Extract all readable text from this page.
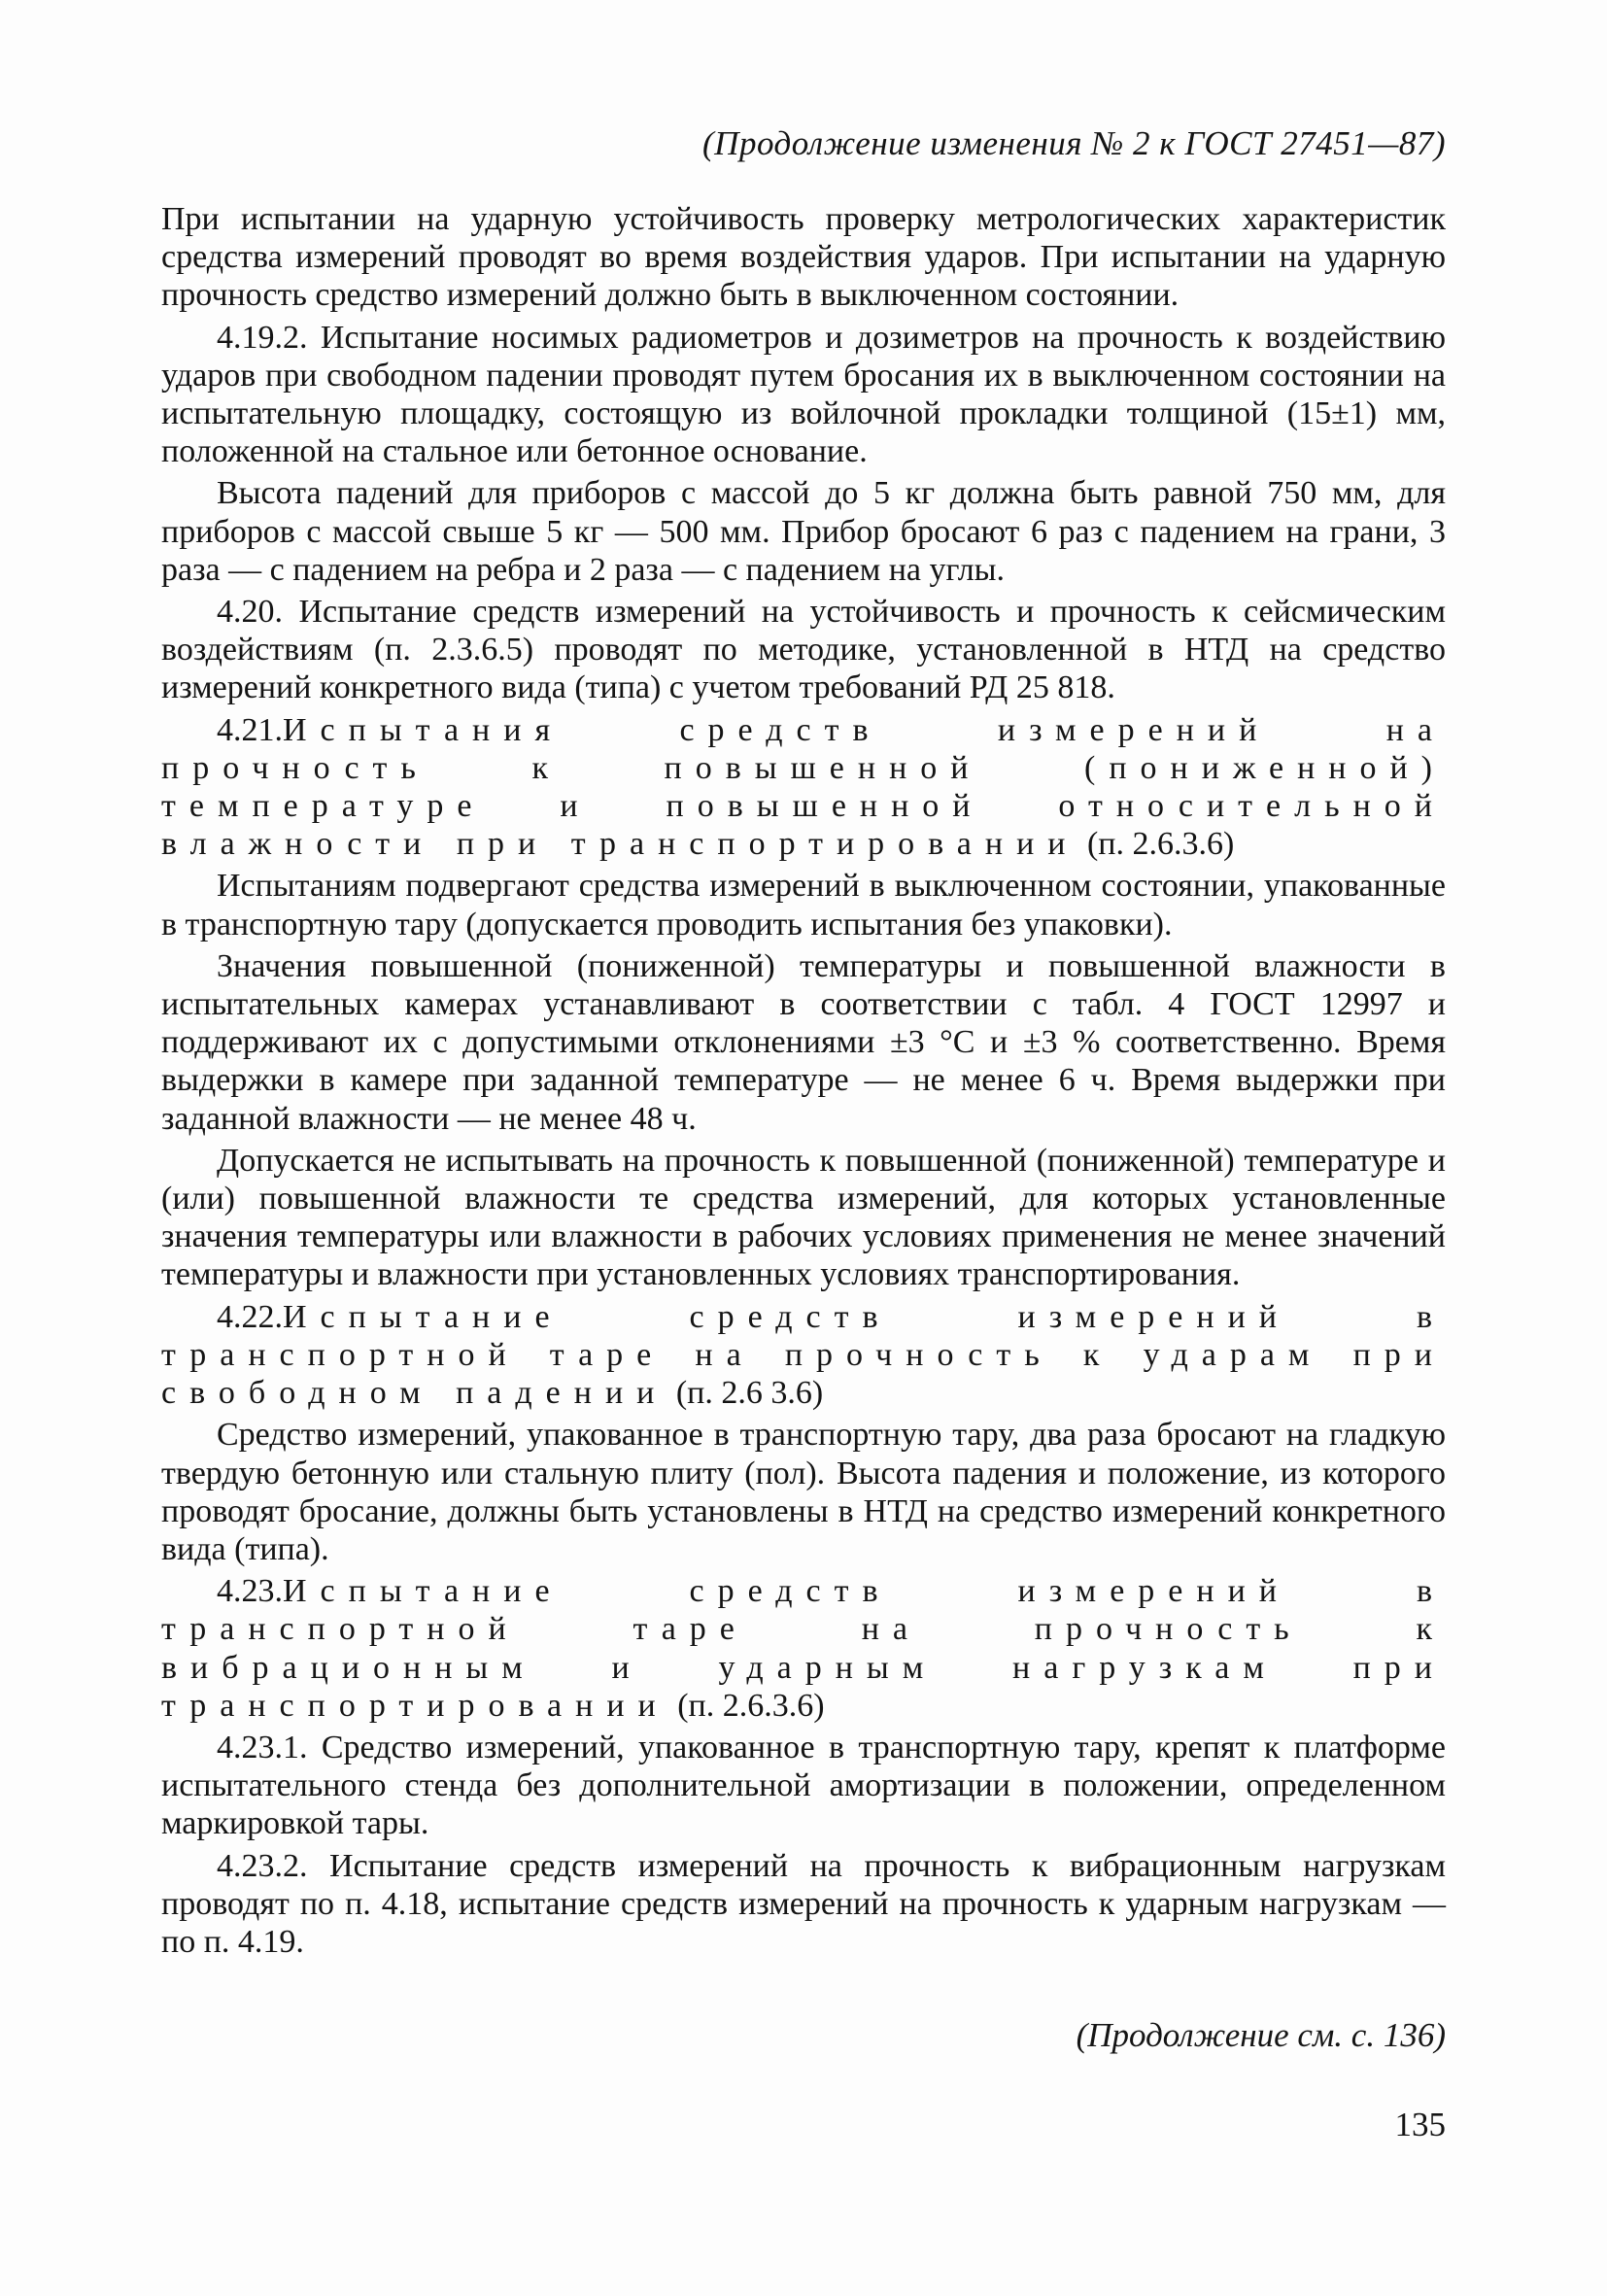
(Продолжение изменения № 2 к ГОСТ 27451—87)

При испытании на ударную устойчивость проверку метрологических характеристик средства измерений проводят во время воздействия ударов. При испытании на ударную прочность средство измерений должно быть в выключенном состоянии.

4.19.2. Испытание носимых радиометров и дозиметров на прочность к воздействию ударов при свободном падении проводят путем бросания их в выключенном состоянии на испытательную площадку, состоящую из войлочной прокладки толщиной (15±1) мм, положенной на стальное или бетонное основание.

Высота падений для приборов с массой до 5 кг должна быть равной 750 мм, для приборов с массой свыше 5 кг — 500 мм. Прибор бросают 6 раз с падением на грани, 3 раза — с падением на ребра и 2 раза — с падением на углы.

4.20. Испытание средств измерений на устойчивость и прочность к сейсмическим воздействиям (п. 2.3.6.5) проводят по методике, установленной в НТД на средство измерений конкретного вида (типа) с учетом требований РД 25 818.

4.21.Испытания средств измерений на прочность к повышенной (пониженной) температуре и повышенной относительной влажности при транспортировании (п. 2.6.3.6)

Испытаниям подвергают средства измерений в выключенном состоянии, упакованные в транспортную тару (допускается проводить испытания без упаковки).

Значения повышенной (пониженной) температуры и повышенной влажности в испытательных камерах устанавливают в соответствии с табл. 4 ГОСТ 12997 и поддерживают их с допустимыми отклонениями ±3 °С и ±3 % соответственно. Время выдержки в камере при заданной температуре — не менее 6 ч. Время выдержки при заданной влажности — не менее 48 ч.

Допускается не испытывать на прочность к повышенной (пониженной) температуре и (или) повышенной влажности те средства измерений, для которых установленные значения температуры или влажности в рабочих условиях применения не менее значений температуры и влажности при установленных условиях транспортирования.

4.22.Испытание средств измерений в транспортной таре на прочность к ударам при свободном падении (п. 2.6 3.6)

Средство измерений, упакованное в транспортную тару, два раза бросают на гладкую твердую бетонную или стальную плиту (пол). Высота падения и положение, из которого проводят бросание, должны быть установлены в НТД на средство измерений конкретного вида (типа).

4.23.Испытание средств измерений в транспортной таре на прочность к вибрационным и ударным нагрузкам при транспортировании (п. 2.6.3.6)

4.23.1. Средство измерений, упакованное в транспортную тару, крепят к платформе испытательного стенда без дополнительной амортизации в положении, определенном маркировкой тары.

4.23.2. Испытание средств измерений на прочность к вибрационным нагрузкам проводят по п. 4.18, испытание средств измерений на прочность к ударным нагрузкам — по п. 4.19.

(Продолжение см. с. 136)
135
